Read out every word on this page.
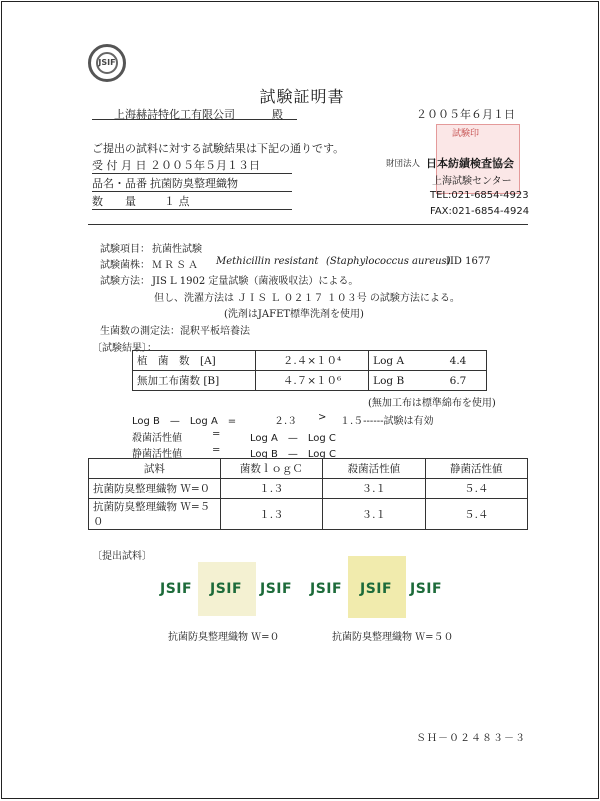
JSIF
試験証明書
上海赫詩特化工有限公司	殿	２００５年６月１日
ご提出の試料に対する試験結果は下記の通りです。
受 付 月 日 ２００５年５月１３日
品名・品番 抗菌防臭整理織物
数　　量	１ 点
試験印
財団法人 日本紡績検査協会
上海試験センター
TEL:021-6854-4923
FAX:021-6854-4924
試験項目： 抗菌性試験
試験菌株： ＭＲＳＡ Methicillin resistant (Staphylococcus aureus)
IID 1677
試験方法： JIS L 1902 定量試験（菌液吸収法）による。
但し、洗濯方法は ＪＩＳ Ｌ ０２１７ １０３号 の試験方法による。
(洗剤はJAFET標準洗剤を使用)
生菌数の測定法：混釈平板培養法
〔試験結果〕：
植　菌　数　[A]	２.４×１０⁴	Log A	4.4
無加工布菌数 [B]	４.７×１０⁶	Log B	6.7
(無加工布は標準綿布を使用)
Log B　—　Log A　=	２.３ > １.５------試験は有効
殺菌活性値	=	Log A　—　Log C
静菌活性値	=	Log B　—　Log C
試料	菌数ｌｏｇＣ	殺菌活性値	静菌活性値
抗菌防臭整理織物 Ｗ=０	１.３	３.１	５.４
抗菌防臭整理織物 Ｗ=５０	１.３	３.１	５.４
〔提出試料〕
JSIF JSIF JSIF JSIF JSIF JSIF
抗菌防臭整理織物 Ｗ=０	抗菌防臭整理織物 Ｗ=５０
ＳＨ－０２４８３－３
